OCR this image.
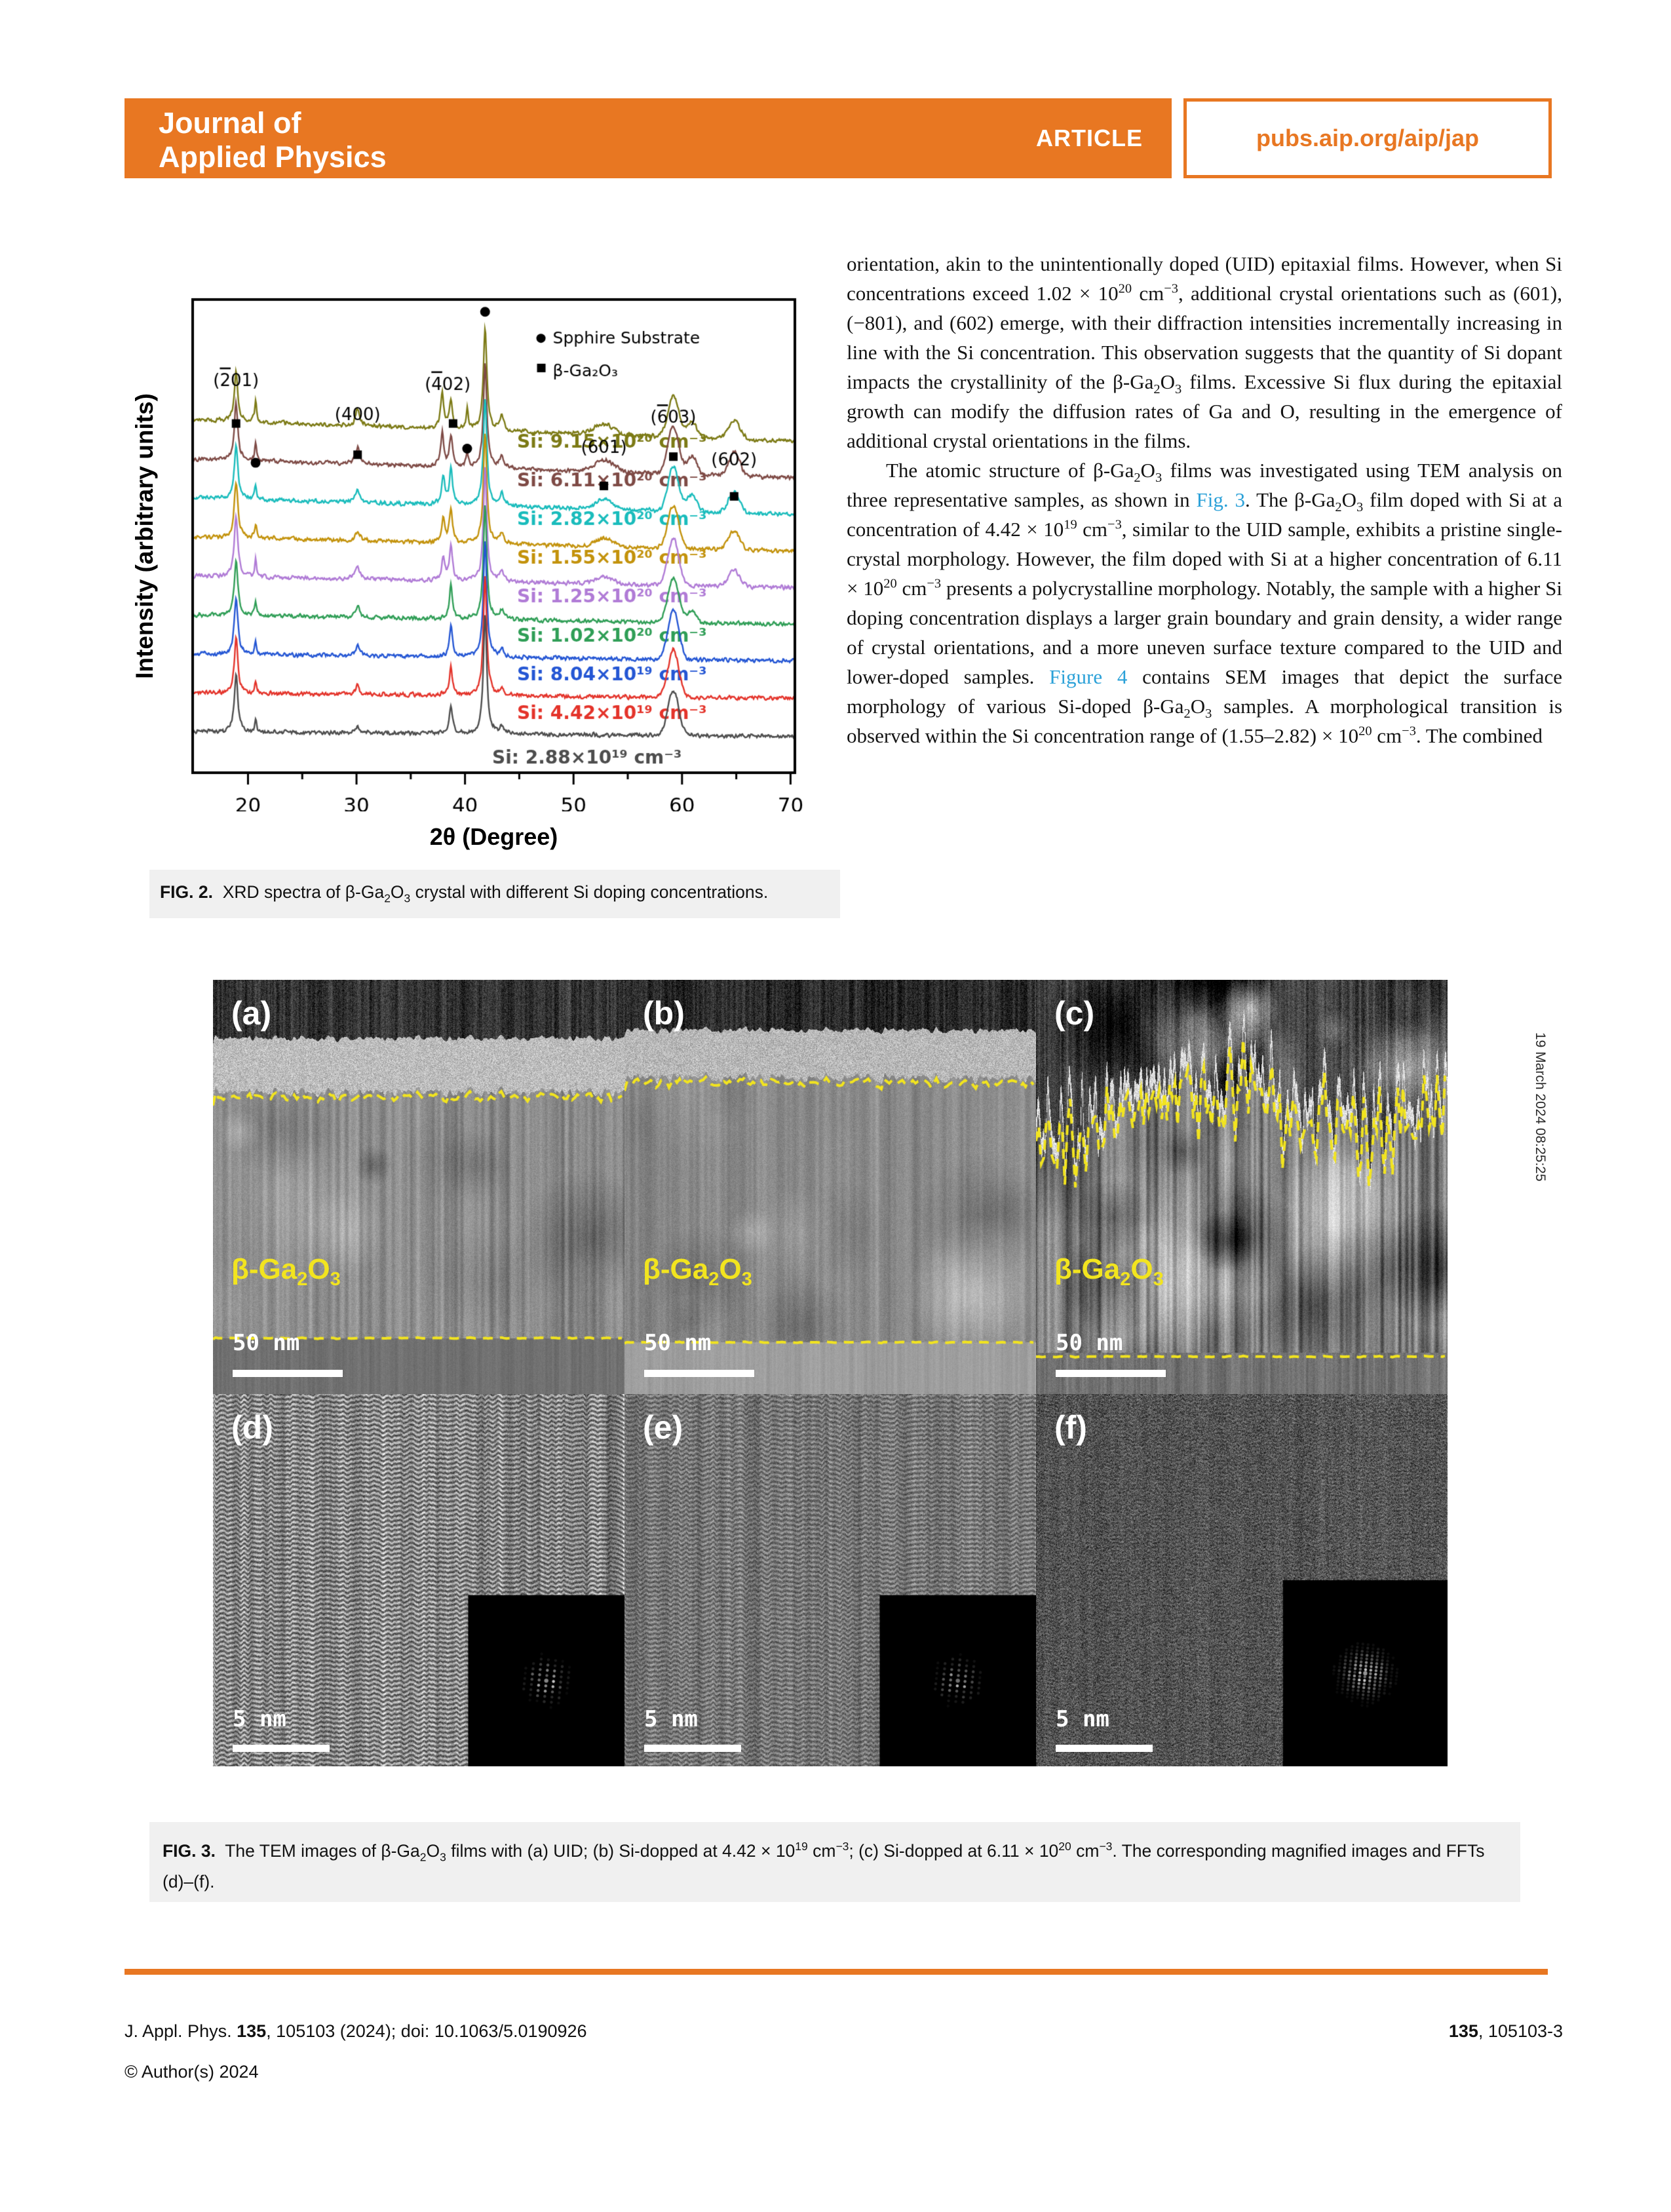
Journal of
Applied Physics
ARTICLE	pubs.aip.org/aip/jap
Intensity (arbitrary units)
2θ (Degree)
FIG. 2.  XRD spectra of $\beta-Ga_2O_3$ crystal with different Si doping concentrations.

orientation, akin to the unintentionally doped (UID) epitaxial films. However, when Si concentrations exceed $1.02 \times 10^{20}$ $cm^{-3}$, additional crystal orientations such as (601), (−801), and (602) emerge, with their diffraction intensities incrementally increasing in line with the Si concentration. This observation suggests that the quantity of Si dopant impacts the crystallinity of the $\beta-Ga_2O_3$ films. Excessive Si flux during the epitaxial growth can modify the diffusion rates of Ga and O, resulting in the emergence of additional crystal orientations in the films.

The atomic structure of $\beta-Ga_2O_3$ films was investigated using TEM analysis on three representative samples, as shown in Fig. 3. The $\beta-Ga_2O_3$ film doped with Si at a concentration of $4.42 \times 10^{19}$ $cm^{-3}$, similar to the UID sample, exhibits a pristine single-crystal morphology. However, the film doped with Si at a higher concentration of $6.11 \times 10^{20}$ $cm^{-3}$ presents a polycrystalline morphology. Notably, the sample with a higher Si doping concentration displays a larger grain boundary and grain density, a wider range of crystal orientations, and a more uneven surface texture compared to the UID and lower-doped samples. Figure 4 contains SEM images that depict the surface morphology of various Si-doped $\beta-Ga_2O_3$ samples. A morphological transition is observed within the Si concentration range of $(1.55-2.82) \times 10^{20}$ $cm^{-3}$. The combined

(a)
$\beta-Ga_2O_3$
50 nm
(b)
$\beta-Ga_2O_3$
50 nm
(c)
$\beta-Ga_2O_3$
50 nm
(d)
5 nm
(e)
5 nm
(f)
5 nm
FIG. 3.  The TEM images of $\beta-Ga_2O_3$ films with (a) UID; (b) Si-dopped at $4.42 \times 10^{19}$ $cm^{-3}$; (c) Si-dopped at $6.11 \times 10^{20}$ $cm^{-3}$. The corresponding magnified images and FFTs (d)–(f).
J. Appl. Phys. 135, 105103 (2024); doi: 10.1063/5.0190926	135, 105103-3
© Author(s) 2024
19 March 2024 08:25:25
